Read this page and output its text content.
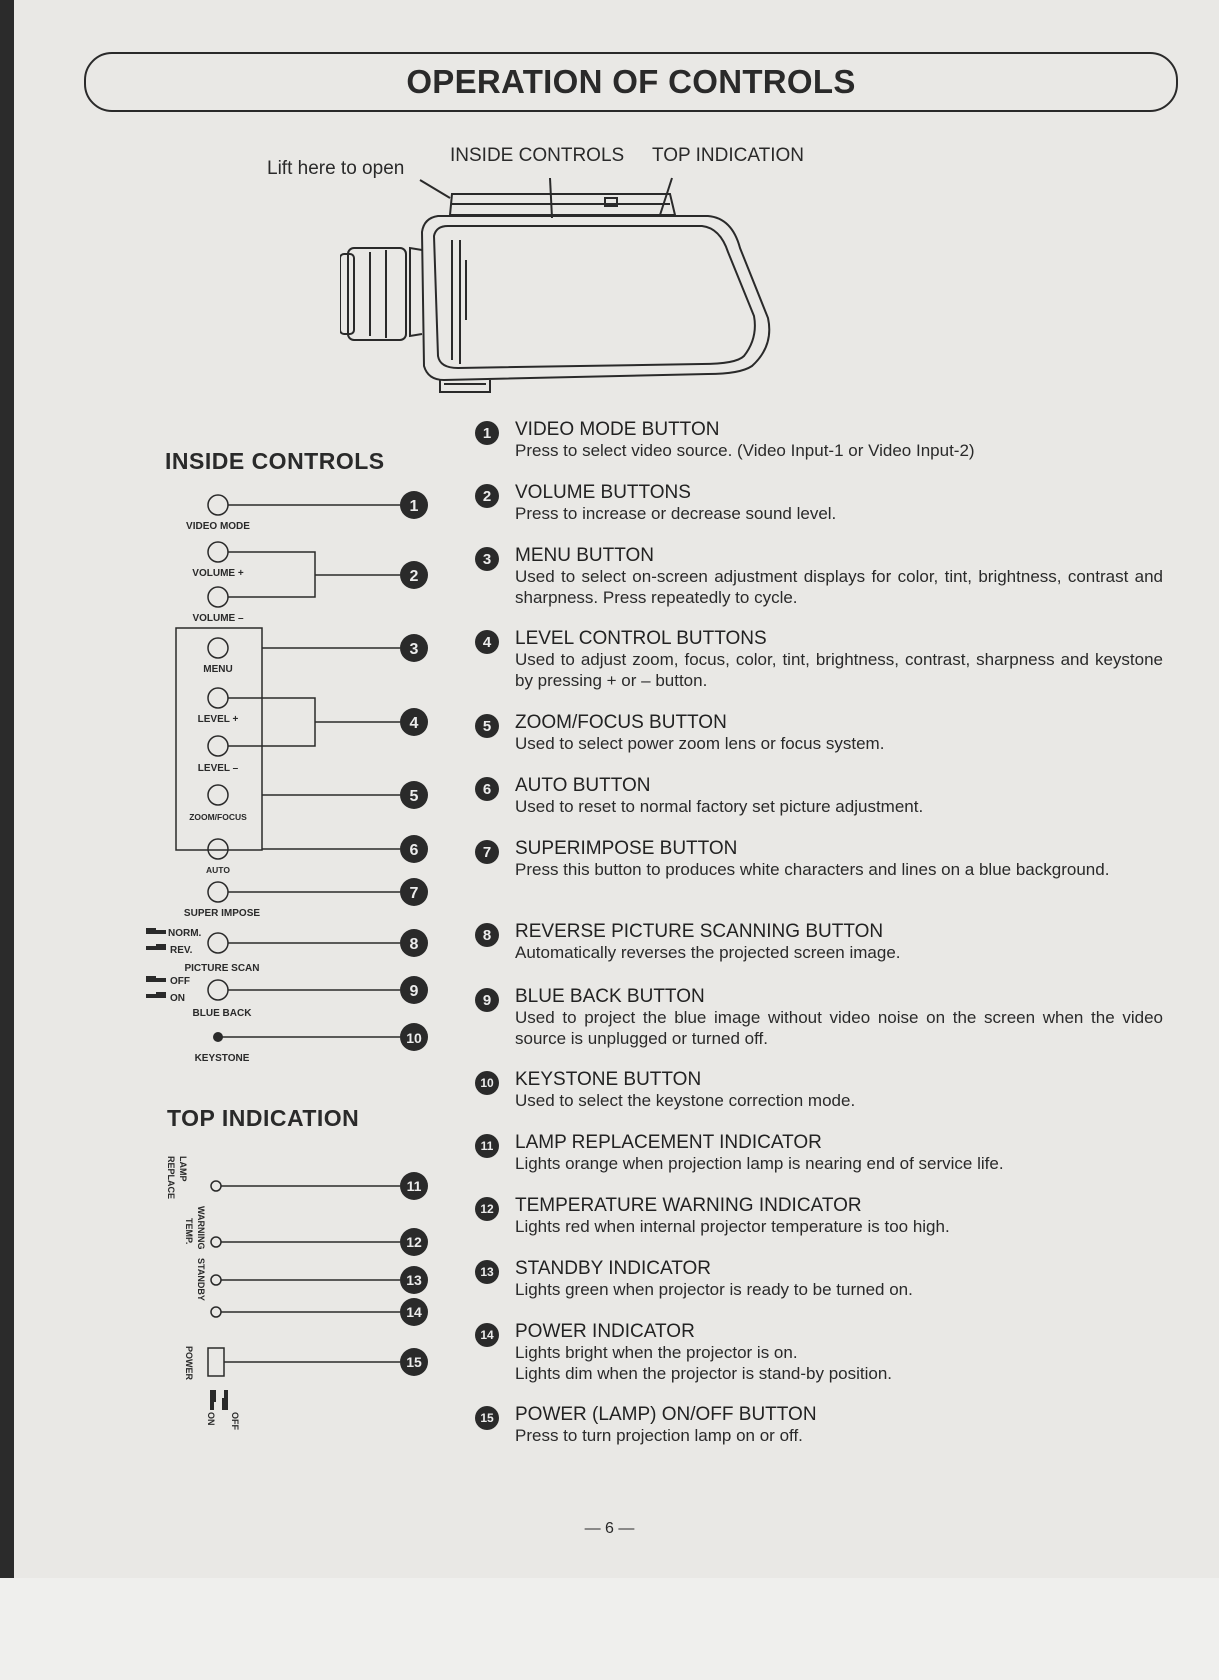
OPERATION OF CONTROLS
Lift here to open
INSIDE CONTROLS TOP INDICATION
INSIDE CONTROLS
TOP INDICATION
VIDEO MODE
VOLUME +
VOLUME –
MENU
LEVEL +
LEVEL –
ZOOM/FOCUS
AUTO
SUPER IMPOSE
NORM.
REV.
PICTURE SCAN
OFF
ON
BLUE BACK
KEYSTONE
1
2
3
4
5
6
7
8
9
10
LAMP
REPLACE
WARNING
TEMP.
STANDBY
POWER
ON OFF
11
12
13
14
15
1	VIDEO MODE BUTTON
Press to select video source. (Video Input-1 or Video Input-2)
2	VOLUME BUTTONS
Press to increase or decrease sound level.
3	MENU BUTTON
Used to select on-screen adjustment displays for color, tint, brightness, contrast and sharpness. Press repeatedly to cycle.
4	LEVEL CONTROL BUTTONS
Used to adjust zoom, focus, color, tint, brightness, contrast, sharpness and keystone by pressing + or – button.
5	ZOOM/FOCUS BUTTON
Used to select power zoom lens or focus system.
6	AUTO BUTTON
Used to reset to normal factory set picture adjustment.
7	SUPERIMPOSE BUTTON
Press this button to produces white characters and lines on a blue background.
8	REVERSE PICTURE SCANNING BUTTON
Automatically reverses the projected screen image.
9	BLUE BACK BUTTON
Used to project the blue image without video noise on the screen when the video source is unplugged or turned off.
10 KEYSTONE BUTTON
Used to select the keystone correction mode.
11 LAMP REPLACEMENT INDICATOR
Lights orange when projection lamp is nearing end of service life.
12 TEMPERATURE WARNING INDICATOR
Lights red when internal projector temperature is too high.
13 STANDBY INDICATOR
Lights green when projector is ready to be turned on.
14 POWER INDICATOR
Lights bright when the projector is on.
Lights dim when the projector is stand-by position.
15 POWER (LAMP) ON/OFF BUTTON
Press to turn projection lamp on or off.
— 6 —
